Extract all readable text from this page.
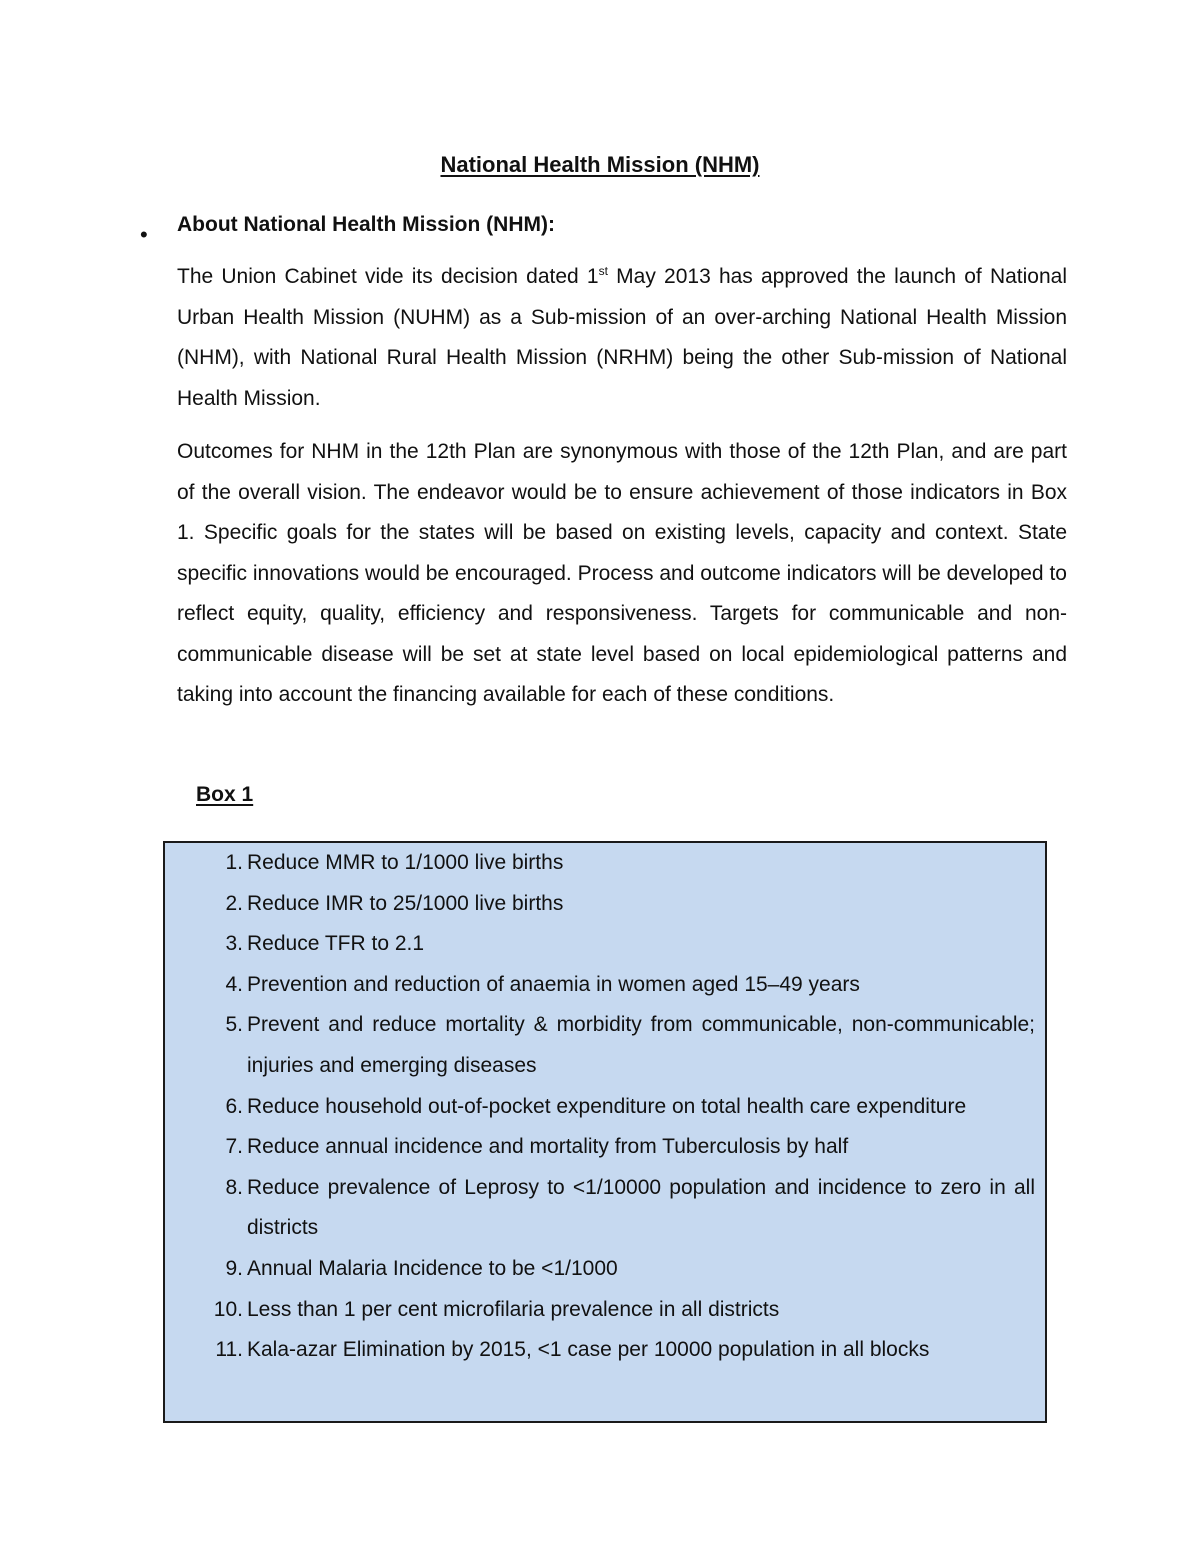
National Health Mission (NHM)
• About National Health Mission (NHM):

The Union Cabinet vide its decision dated 1st May 2013 has approved the launch of National Urban Health Mission (NUHM) as a Sub-mission of an over-arching National Health Mission (NHM), with National Rural Health Mission (NRHM) being the other Sub-mission of National Health Mission.

Outcomes for NHM in the 12th Plan are synonymous with those of the 12th Plan, and are part of the overall vision. The endeavor would be to ensure achievement of those indicators in Box 1. Specific goals for the states will be based on existing levels, capacity and context. State specific innovations would be encouraged. Process and outcome indicators will be developed to reflect equity, quality, efficiency and responsiveness. Targets for communicable and non-communicable disease will be set at state level based on local epidemiological patterns and taking into account the financing available for each of these conditions.

Box 1
1. Reduce MMR to 1/1000 live births
2. Reduce IMR to 25/1000 live births
3. Reduce TFR to 2.1
4. Prevention and reduction of anaemia in women aged 15–49 years
5. Prevent and reduce mortality & morbidity from communicable, non-communicable; injuries and emerging diseases
6. Reduce household out-of-pocket expenditure on total health care expenditure
7. Reduce annual incidence and mortality from Tuberculosis by half
8. Reduce prevalence of Leprosy to <1/10000 population and incidence to zero in all districts
9. Annual Malaria Incidence to be <1/1000
10. Less than 1 per cent microfilaria prevalence in all districts
11. Kala-azar Elimination by 2015, <1 case per 10000 population in all blocks
